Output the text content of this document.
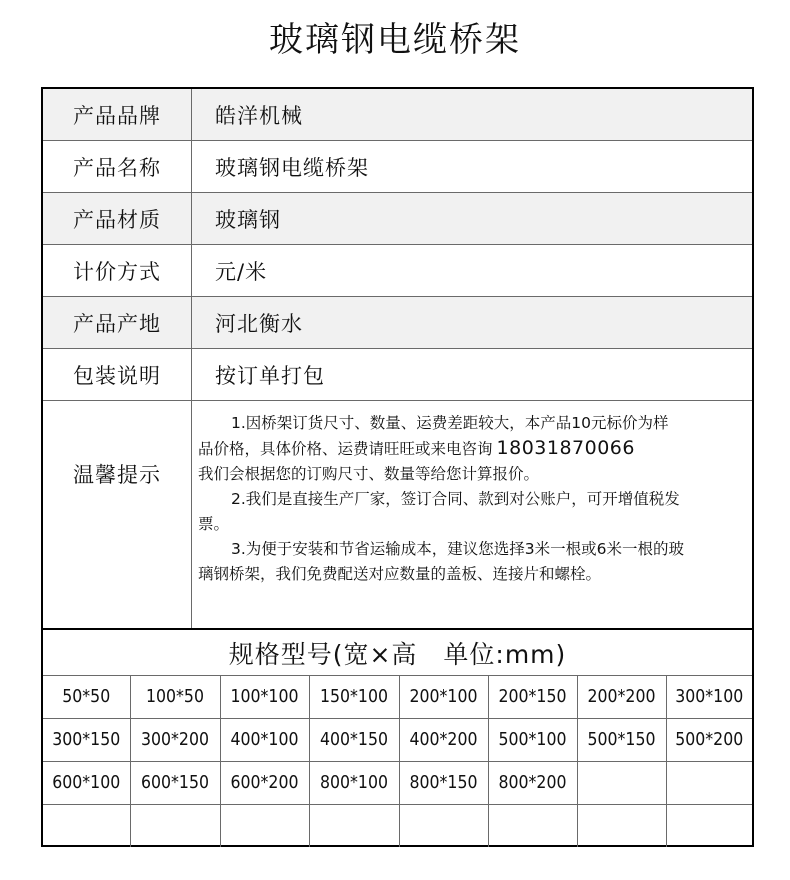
玻璃钢电缆桥架
产品品牌	皓洋机械
产品名称	玻璃钢电缆桥架
产品材质	玻璃钢
计价方式	元/米
产品产地	河北衡水
包装说明	按订单打包
温馨提示

1.因桥架订货尺寸、数量、运费差距较大，本产品10元标价为样

品价格，具体价格、运费请旺旺或来电咨询 18031870066

我们会根据您的订购尺寸、数量等给您计算报价。

2.我们是直接生产厂家，签订合同、款到对公账户，可开增值税发

票。

3.为便于安装和节省运输成本，建议您选择3米一根或6米一根的玻

璃钢桥架，我们免费配送对应数量的盖板、连接片和螺栓。

规格型号(宽×高　单位:mm)
50*50	100*50	100*100	150*100	200*100	200*150	200*200	300*100
300*150	300*200	400*100	400*150	400*200	500*100	500*150	500*200
600*100	600*150	600*200	800*100	800*150	800*200		
